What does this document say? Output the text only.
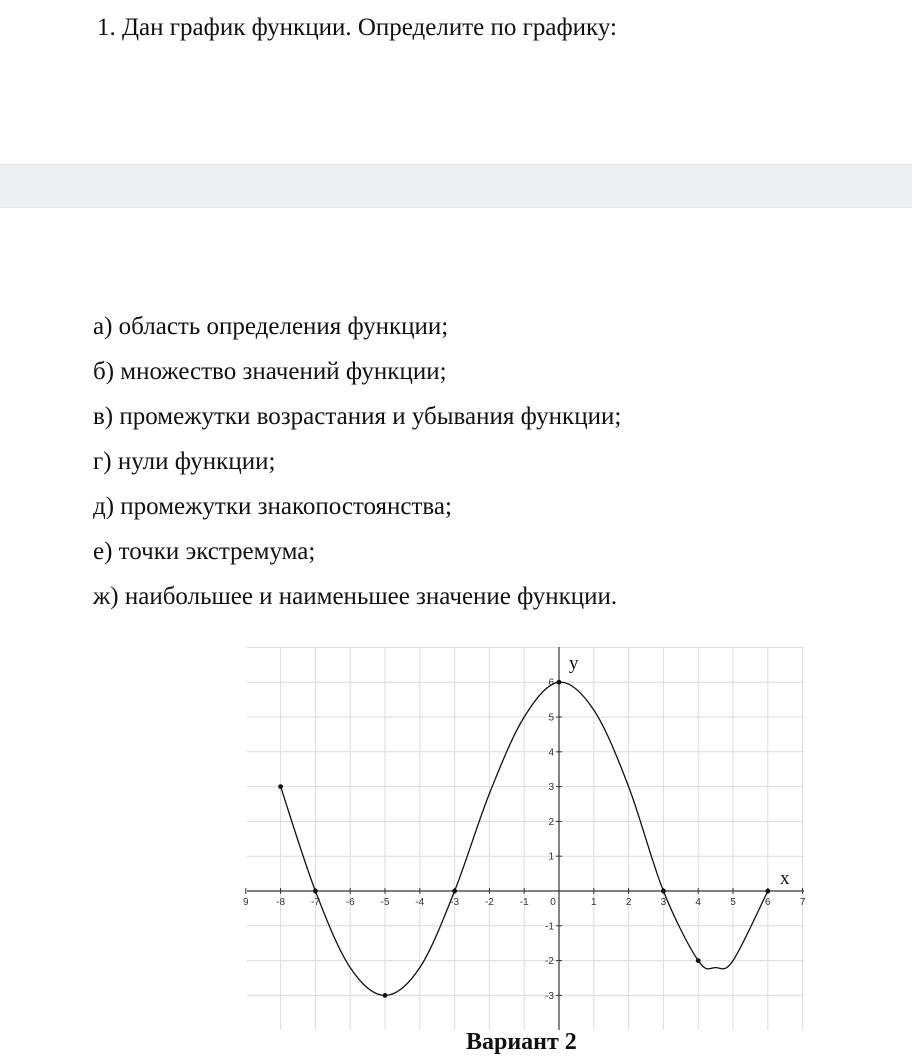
1. Дан график функции. Определите по графику:
а) область определения функции;
б) множество значений функции;
в) промежутки возрастания и убывания функции;
г) нули функции;
д) промежутки знакопостоянства;
е) точки экстремума;
ж) наибольшее и наименьшее значение функции.
9	-8	-7	-6	-5	-4	-3	-2	-1 0	1	2	3	4	5	6	7
6
5
4
3
2
1
-1
-2
-3
y
x
Вариант 2
